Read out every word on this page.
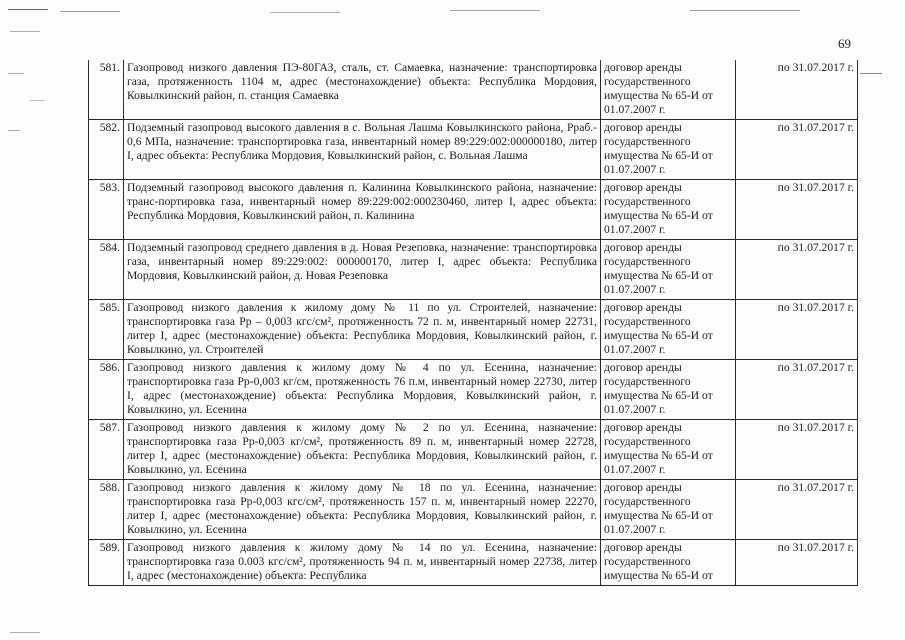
69
581.	Газопровод низкого давления ПЭ-80ГАЗ, сталь, ст. Самаевка, назначение: транспортировка газа, протяженность 1104 м, адрес (местонахождение) объекта: Республика Мордовия, Ковылкинский район, п. станция Самаевка	договор аренды государственного имущества № 65-И от 01.07.2007 г.	по 31.07.2017 г.
582.	Подземный газопровод высокого давления в с. Вольная Лашма Ковылкинского района, Рраб.- 0,6 МПа, назначение: транспортировка газа, инвентарный номер 89:229:002:000000180, литер I, адрес объекта: Республика Мордовия, Ковылкинский район, с. Вольная Лашма	договор аренды государственного имущества № 65-И от 01.07.2007 г.	по 31.07.2017 г.
583.	Подземный газопровод высокого давления п. Калинина Ковылкинского района, назначение: транс-портировка газа, инвентарный номер 89:229:002:000230460, литер I, адрес объекта: Республика Мордовия, Ковылкинский район, п. Калинина	договор аренды государственного имущества № 65-И от 01.07.2007 г.	по 31.07.2017 г.
584.	Подземный газопровод среднего давления в д. Новая Резеповка, назначение: транспортировка газа, инвентарный номер 89:229:002: 000000170, литер I, адрес объекта: Республика Мордовия, Ковылкинский район, д. Новая Резеповка	договор аренды государственного имущества № 65-И от 01.07.2007 г.	по 31.07.2017 г.
585.	Газопровод низкого давления к жилому дому № 11 по ул. Строителей, назначение: транспортировка газа Рр – 0,003 кгс/см², протяженность 72 п. м, инвентарный номер 22731, литер I, адрес (местонахождение) объекта: Республика Мордовия, Ковылкинский район, г. Ковылкино, ул. Строителей	договор аренды государственного имущества № 65-И от 01.07.2007 г.	по 31.07.2017 г.
586.	Газопровод низкого давления к жилому дому № 4 по ул. Есенина, назначение: транспортировка газа Рр-0,003 кг/см, протяженность 76 п.м, инвентарный номер 22730, литер I, адрес (местонахождение) объекта: Республика Мордовия, Ковылкинский район, г. Ковылкино, ул. Есенина	договор аренды государственного имущества № 65-И от 01.07.2007 г.	по 31.07.2017 г.
587.	Газопровод низкого давления к жилому дому № 2 по ул. Есенина, назначение: транспортировка газа Рр-0,003 кг/см², протяженность 89 п. м, инвентарный номер 22728, литер I, адрес (местонахождение) объекта: Республика Мордовия, Ковылкинский район, г. Ковылкино, ул. Есенина	договор аренды государственного имущества № 65-И от 01.07.2007 г.	по 31.07.2017 г.
588.	Газопровод низкого давления к жилому дому № 18 по ул. Есенина, назначение: транспортировка газа Рр-0,003 кгс/см², протяженность 157 п. м, инвентарный номер 22270, литер I, адрес (местонахождение) объекта: Республика Мордовия, Ковылкинский район, г. Ковылкино, ул. Есенина	договор аренды государственного имущества № 65-И от 01.07.2007 г.	по 31.07.2017 г.
589.	Газопровод низкого давления к жилому дому № 14 по ул. Есенина, назначение: транспортировка газа 0.003 кгс/см², протяженность 94 п. м, инвентарный номер 22738, литер I, адрес (местонахождение) объекта: Республика	договор аренды государственного имущества № 65-И от	по 31.07.2017 г.
